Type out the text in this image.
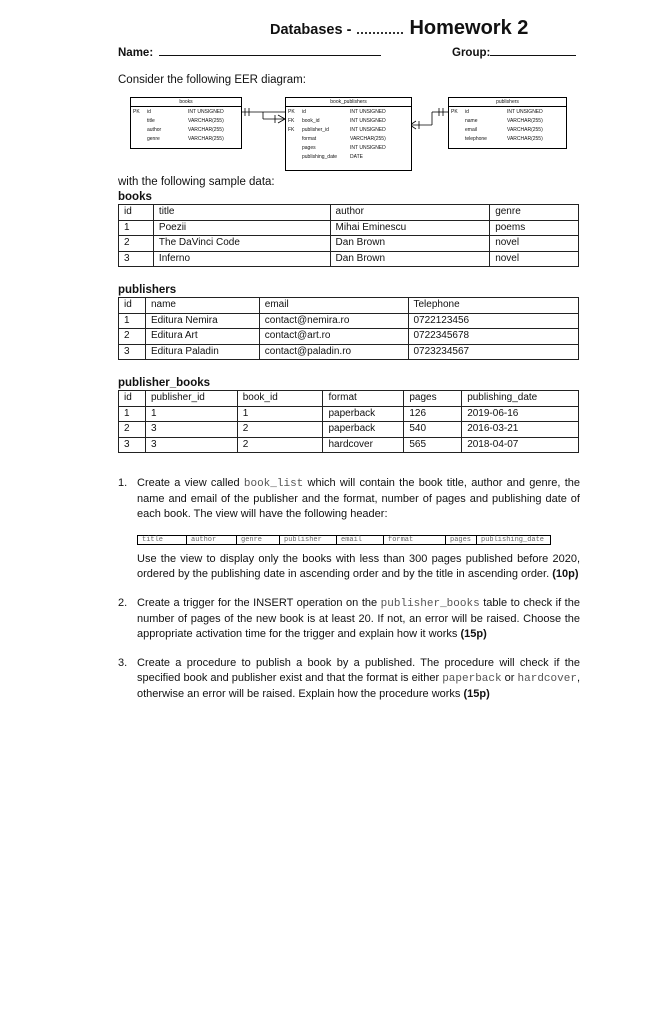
Databases -	Homework 2
Name:	Group:
Consider the following EER diagram:
books
PK id	INT UNSIGNED
title	VARCHAR(255)
author	VARCHAR(255)
genre	VARCHAR(255)
book_publishers
PK id	INT UNSIGNED
FK book_id	INT UNSIGNED
FK publisher_id	INT UNSIGNED
format	VARCHAR(255)
pages	INT UNSIGNED
publishing_date	DATE
publishers
PK id	INT UNSIGNED
name	VARCHAR(255)
email	VARCHAR(255)
telephone	VARCHAR(255)
with the following sample data:
books
id	title	author	genre
1	Poezii	Mihai Eminescu	poems
2	The DaVinci Code	Dan Brown	novel
3	Inferno	Dan Brown	novel
publishers
id	name	email	Telephone
1	Editura Nemira	contact@nemira.ro	0722123456
2	Editura Art	contact@art.ro	0722345678
3	Editura Paladin	contact@paladin.ro	0723234567
publisher_books
id	publisher_id	book_id	format	pages	publishing_date
1	1	1	paperback	126	2019-06-16
2	3	2	paperback	540	2016-03-21
3	3	2	hardcover	565	2018-04-07
1. Create a view called book_list which will contain the book title, author and genre, the name and email of the publisher and the format, number of pages and publishing date of each book. The view will have the following header:
title	author	genre	publisher	email	format	pages	publishing_date
Use the view to display only the books with less than 300 pages published before 2020, ordered by the publishing date in ascending order and by the title in ascending order. (10p)
2. Create a trigger for the INSERT operation on the publisher_books table to check if the number of pages of the new book is at least 20. If not, an error will be raised. Choose the appropriate activation time for the trigger and explain how it works (15p)
3. Create a procedure to publish a book by a published. The procedure will check if the specified book and publisher exist and that the format is either paperback or hardcover, otherwise an error will be raised. Explain how the procedure works (15p)
